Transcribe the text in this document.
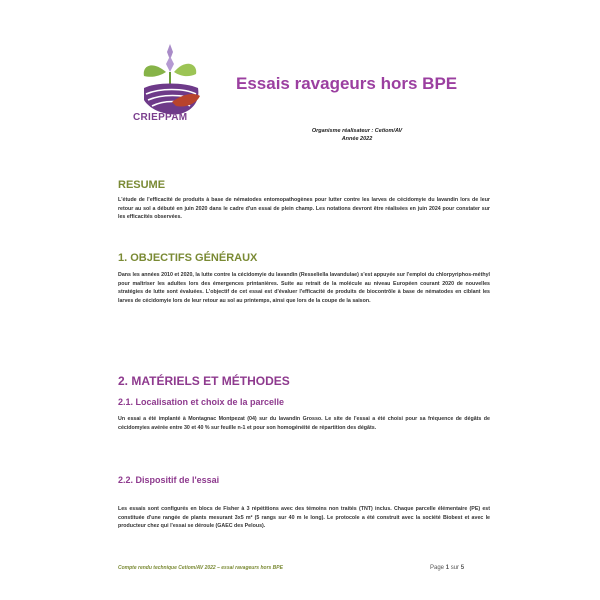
CRIEPPAM
Essais ravageurs hors BPE
Organisme réalisateur : Cetiom/AV
Année 2022
RESUME
L'étude de l'efficacité de produits à base de nématodes entomopathogènes pour lutter contre les larves de cécidomyie du lavandin lors de leur retour au sol a débuté en juin 2020 dans le cadre d'un essai de plein champ. Les notations devront être réalisées en juin 2024 pour constater sur les efficacités observées.
1. OBJECTIFS GÉNÉRAUX
Dans les années 2010 et 2020, la lutte contre la cécidomyie du lavandin (Resseliella lavandulae) s'est appuyée sur l'emploi du chlorpyriphos-méthyl pour maîtriser les adultes lors des émergences printanières. Suite au retrait de la molécule au niveau Européen courant 2020 de nouvelles stratégies de lutte sont évaluées. L'objectif de cet essai est d'évaluer l'efficacité de produits de biocontrôle à base de nématodes en ciblant les larves de cécidomyie lors de leur retour au sol au printemps, ainsi que lors de la coupe de la saison.
2. MATÉRIELS ET MÉTHODES
2.1. Localisation et choix de la parcelle
Un essai a été implanté à Montagnac Montpezat (04) sur du lavandin Grosso. Le site de l'essai a été choisi pour sa fréquence de dégâts de cécidomyies avérée entre 30 et 40 % sur feuille n-1 et pour son homogénéité de répartition des dégâts.
2.2. Dispositif de l'essai
Les essais sont configurés en blocs de Fisher à 3 répétitions avec des témoins non traités (TNT) inclus. Chaque parcelle élémentaire (PE) est constituée d'une rangée de plants mesurant 3x5 m² (5 rangs sur 40 m le long). Le protocole a été construit avec la société Biobest et avec le producteur chez qui l'essai se déroule (GAEC des Pelous).
Compte rendu technique Cetiom/AV 2022 – essai ravageurs hors BPE	Page 1 sur 5
